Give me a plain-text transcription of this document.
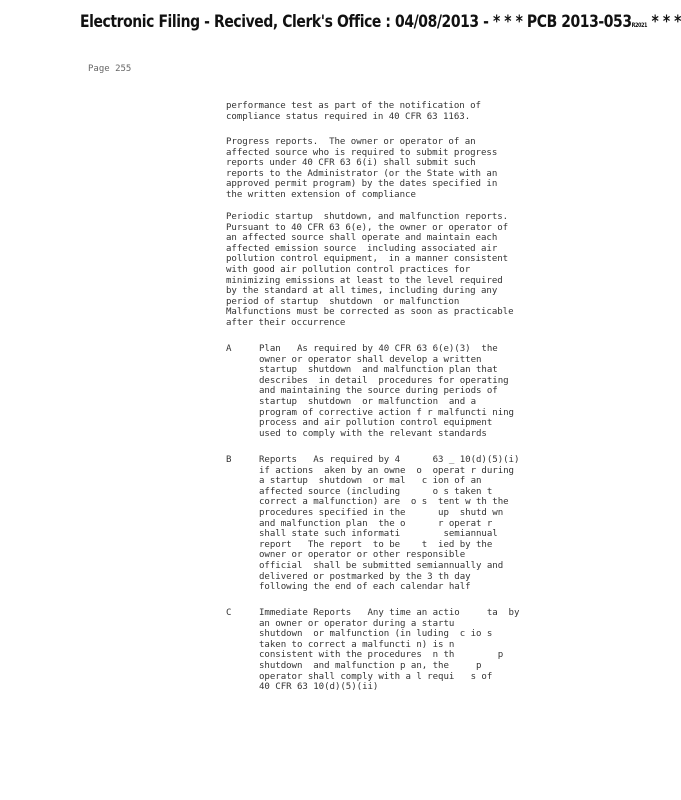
Electronic Filing - Recived, Clerk's Office : 04/08/2013 - * * * PCB 2013-053R2021 * * *
Page 255
performance test as part of the notification of
compliance status required in 40 CFR 63 1163.
Progress reports.  The owner or operator of an
affected source who is required to submit progress
reports under 40 CFR 63 6(i) shall submit such
reports to the Administrator (or the State with an
approved permit program) by the dates specified in
the written extension of compliance
Periodic startup  shutdown, and malfunction reports.
Pursuant to 40 CFR 63 6(e), the owner or operator of
an affected source shall operate and maintain each
affected emission source  including associated air
pollution control equipment,  in a manner consistent
with good air pollution control practices for
minimizing emissions at least to the level required
by the standard at all times, including during any
period of startup  shutdown  or malfunction
Malfunctions must be corrected as soon as practicable
after their occurrence
A	Plan   As required by 40 CFR 63 6(e)(3)  the
owner or operator shall develop a written
startup  shutdown  and malfunction plan that
describes  in detail  procedures for operating
and maintaining the source during periods of
startup  shutdown  or malfunction  and a
program of corrective action f r malfuncti ning
process and air pollution control equipment
used to comply with the relevant standards
B	Reports   As required by 4      63 _ 10(d)(5)(i)
if actions  aken by an owne  o  operat r during
a startup  shutdown  or mal   c ion of an
affected source (including      o s taken t
correct a malfunction) are  o s  tent w th the
procedures specified in the      up  shutd wn
and malfunction plan  the o      r operat r
shall state such informati        semiannual
report   The report  to be    t  ied by the
owner or operator or other responsible
official  shall be submitted semiannually and
delivered or postmarked by the 3 th day
following the end of each calendar half
C	Immediate Reports   Any time an actio     ta  by
an owner or operator during a startu
shutdown  or malfunction (in luding  c io s
taken to correct a malfuncti n) is n
consistent with the procedures  n th        p
shutdown  and malfunction p an, the     p
operator shall comply with a l requi   s of
40 CFR 63 10(d)(5)(ii)
